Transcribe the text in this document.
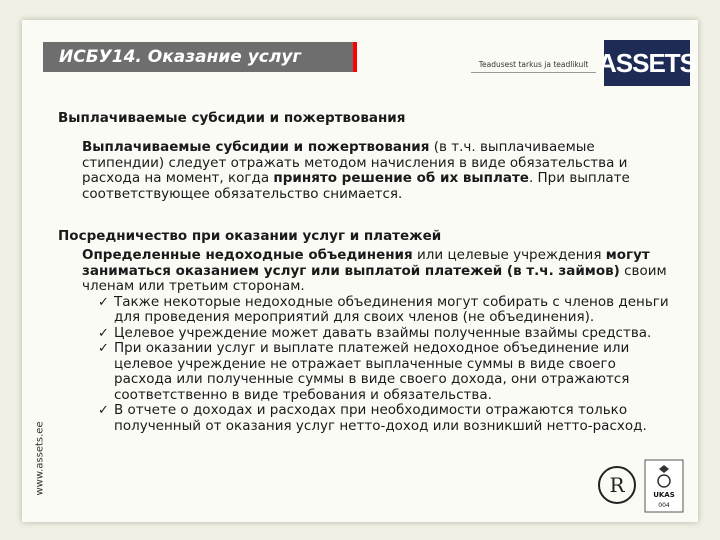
ИСБУ14. Оказание услуг	Teadusest tarkus ja teadlikult ASSETS
www.assets.ee
Выплачиваемые субсидии и пожертвования
Выплачиваемые субсидии и пожертвования (в т.ч. выплачиваемые стипендии) следует отражать методом начисления в виде обязательства и расхода на момент, когда принято решение об их выплате. При выплате соответствующее обязательство снимается.
Посредничество при оказании услуг и платежей
Определенные недоходные объединения или целевые учреждения могут заниматься оказанием услуг или выплатой платежей (в т.ч. займов) своим членам или третьим сторонам.
✓ Также некоторые недоходные объединения могут собирать с членов деньги для проведения мероприятий для своих членов (не объединения).
✓ Целевое учреждение может давать взаймы полученные взаймы средства.
✓ При оказании услуг и выплате платежей недоходное объединение или целевое учреждение не отражает выплаченные суммы в виде своего расхода или полученные суммы в виде своего дохода, они отражаются соответственно в виде требования и обязательства.
✓ В отчете о доходах и расходах при необходимости отражаются только полученный от оказания услуг нетто-доход или возникший нетто-расход.
R	UKAS
004
